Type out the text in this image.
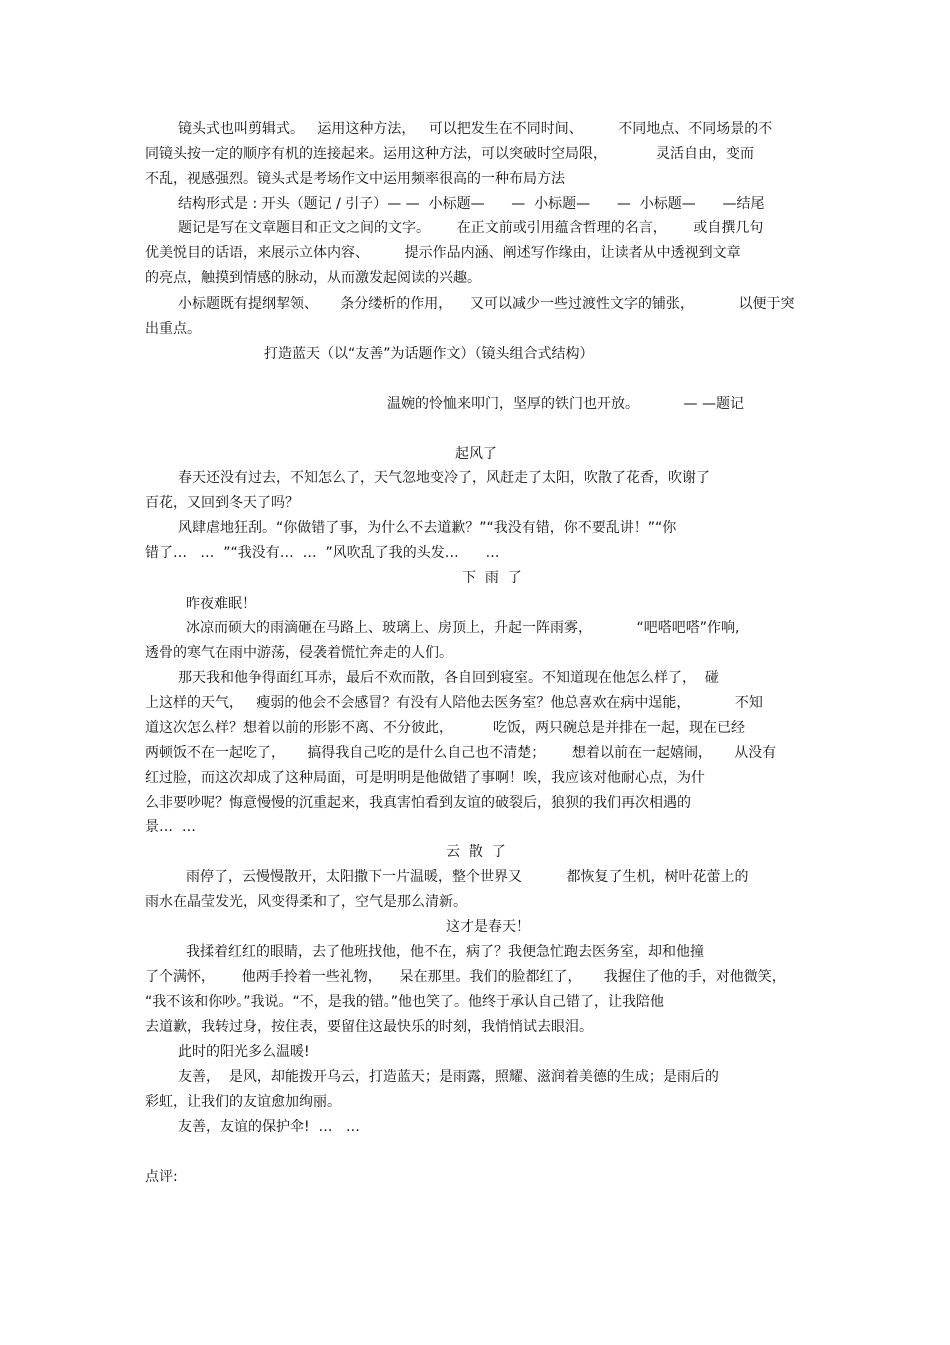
镜头式也叫剪辑式。   运用这种方法，   可以把发生在不同时间、        不同地点、不同场景的不
同镜头按一定的顺序有机的连接起来。运用这种方法，可以突破时空局限，           灵活自由，变而
不乱，视感强烈。镜头式是考场作文中运用频率很高的一种布局方法
结构形式是 : 开头（题记 / 引子）— —  小标题—      —  小标题—      —  小标题—      —结尾
题记是写在文章题目和正文之间的文字。      在正文前或引用蕴含哲理的名言，      或自撰几句
优美悦目的话语，来展示立体内容、        提示作品内涵、阐述写作缘由，让读者从中透视到文章
的亮点，触摸到情感的脉动，从而激发起阅读的兴趣。
小标题既有提纲挈领、     条分缕析的作用，    又可以减少一些过渡性文字的铺张，          以便于突
出重点。
打造蓝天（以“友善”为话题作文）（镜头组合式结构）
温婉的怜恤来叩门，坚厚的铁门也开放。          — —题记
起风了
春天还没有过去，不知怎么了，天气忽地变冷了，风赶走了太阳，吹散了花香，吹谢了
百花，又回到冬天了吗？
风肆虐地狂刮。“你做错了事，为什么不去道歉？”“我没有错，你不要乱讲！”“你
错了…   …  ”“我没有…  …  ”风吹乱了我的头发…      …
下  雨  了
昨夜难眠！
冰凉而硕大的雨滴砸在马路上、玻璃上、房顶上，升起一阵雨雾，          “吧嗒吧嗒”作响,
透骨的寒气在雨中游荡，侵袭着慌忙奔走的人们。
那天我和他争得面红耳赤，最后不欢而散，各自回到寝室。不知道现在他怎么样了，  碰
上这样的天气，   瘦弱的他会不会感冒？有没有人陪他去医务室？他总喜欢在病中逞能，          不知
道这次怎么样？想着以前的形影不离、不分彼此，         吃饭，两只碗总是并排在一起，现在已经
两顿饭不在一起吃了，     搞得我自己吃的是什么自己也不清楚；      想着以前在一起嬉闹，     从没有
红过脸，而这次却成了这种局面，可是明明是他做错了事啊！唉，我应该对他耐心点，为什
么非要吵呢？悔意慢慢的沉重起来，我真害怕看到友谊的破裂后，狼狈的我们再次相遇的
景…  …
云  散  了
雨停了，云慢慢散开，太阳撒下一片温暖，整个世界又          都恢复了生机，树叶花蕾上的
雨水在晶莹发光，风变得柔和了，空气是那么清新。
这才是春天！
我揉着红红的眼睛，去了他班找他，他不在，病了？我便急忙跑去医务室，却和他撞
了个满怀，      他两手拎着一些礼物，    呆在那里。我们的脸都红了，     我握住了他的手，对他微笑，
“我不该和你吵。”我说。“不，是我的错。”他也笑了。他终于承认自己错了，让我陪他
去道歉，我转过身，按住表，要留住这最快乐的时刻，我悄悄试去眼泪。
此时的阳光多么温暖!
友善，  是风，却能拨开乌云，打造蓝天；是雨露，照耀、滋润着美德的生成；是雨后的
彩虹，让我们的友谊愈加绚丽。
友善，友谊的保护伞!  …   …
点评:
